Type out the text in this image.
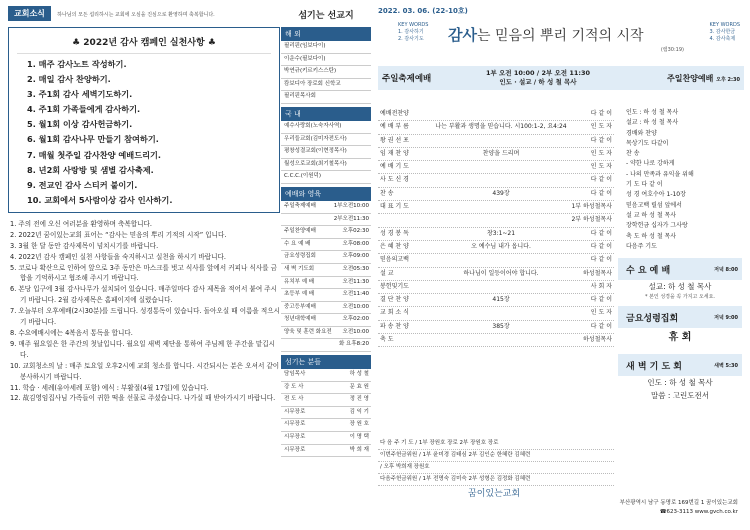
교회소식 하나님의 모든 섭리하시는 교회에 오심을 진심으로 환영하며 축복합니다.
♣ 2022년 감사 캠페인 실천사항 ♣
1. 매주 감사노트 작성하기.
2. 매일 감사 찬양하기.
3. 주1회 감사 세벽기도하기.
4. 주1회 가족들에게 감사하기.
5. 월1회 이상 감사헌금하기.
6. 월1회 감사나무 만들기 참여하기.
7. 매월 첫주일 감사찬양 예배드리기.
8. 년2회 사랑방 및 샘별 감사축제.
9. 전교인 감사 스티커 붙이기.
10. 교회에서 5사람이상 감사 인사하기.
1. 주의 전에 오신 여러분을 환영하며 축복합니다.
2. 2022년 꿈이있는교회 표어는 “감사는 믿음의 뿌리 기적의 시작” 입니다.
3. 3월 한 달 동안 감사제목이 넘치시기를 바랍니다.
4. 2022년 감사 캠페인 실천 사항들을 숙지하시고 실천을 하시기 바랍니다.
5. 코로나 확산으로 인하여 앞으로 3주 동안은 마스크를 벗고 식사를 앞에서 커피나 식사를 금합을 기억하시고 협조해 주시기 바랍니다.
6. 본당 입구에 3월 감사나무가 설치되어 있습니다. 매주일마다 감사 제목을 적어서 붙여 주시기 바랍니다. 2월 감사제목은 홈페이지에 실렸습니다.
7. 오늘부터 오후예배(2시30분)를 드립니다. 성경통독이 있습니다. 돌아오실 때 이름을 적으시기 바랍니다.
8. 수요예배시에는 4복음서 통독을 합니다.
9. 매주 월요일은 한 주간의 첫날입니다. 월요일 새벽 제단을 통하여 주님께 한 주간을 맡깁시다.
10. 교회청소의 날 : 매주 토요일 오후2시에 교회 청소를 합니다. 시간되시는 분은 오셔서 같이 봉사하시기 바랍니다.
11. 학습 · 세례(유아세례 포함) 예식 : 부활절(4월 17일)에 있습니다.
12. 故김영임집사님 가족들이 귀한 떡을 선물로 주셨습니다. 나가실 때 받아가시기 바랍니다.
섬기는 선교지
해 외
필리핀(임보다이)
이운수(필보다이)
박연규(키르키스스탄)
캄보디아 장로회 신학교
필리핀목사회
국 내
예수사랑회(노숙자사역)
우리들교회(김미자전도사)
평창성결교회(이현정목사)
월성으로교회(최기철목사)
C.C.C.(이원덕)
예배와 영육
주일축제예배	1부오전10:00
2부오전11:30
주일찬양예배	오후02:30
수 요 예 배	오후08:00
금요성령집회	오후09:00
새 벽 기도회	오전05:30
유치부 예 배	오전11:30
초등부 예 배	오전11:40
중고등부예배	오전10:00
청년대학예배	오후02:00
양육 및 훈련 화요전 오전10:00
화 요후8:20
섬기는 분들
담임목사	하 성 철
강 도 사	문 효 원
전 도 사	정 진 영
시무장로	김 익 기
시무장로	장 원 호
시무장로	이 명 택
시무장로	박 희 재
2022. 03. 06. (22-10호)
KEY WORDS
1. 감사하기
2. 감사기도	감사는 믿음의 뿌리 기적의 시작
(렘30:19)
KEY WORDS
3. 감사한금
4. 감사축제
주일축제예배
1부 오전 10:00 / 2부 오전 11:30
인도 · 설교 / 하 성 철 목사	주일찬양예배 오후 2:30
예배전찬양	다 같 이
예 배 부 름	나는 부활과 생명을 믿습니다. 시100:1-2, 요4:24	인 도 자
왕 권 선 포	다 같 이
임 재 찬 양	찬양을 드리며	인 도 자
예 배 기 도	인 도 자
사 도 신 경	다 같 이
찬 송	439장	다 같 이
대 표 기 도	1부 하성철목사
2부 하성철목사
성 경 봉 독	창3:1~21	다 같 이
은 혜 찬 양	오 예수님 내가 옵니다.	다 같 이
믿음의고백	다 같 이
설 교	하나님이 일등이어야 합니다.	하성철목사
봉헌및기도	사 회 자
결 단 찬 양	415장	다 같 이
교 회 소 식	인 도 자
파 송 찬 양	385장	다 같 이
축 도	하성철목사
인도 : 하 성 철 목사
설교 : 하 성 철 목사
경배와 찬양
목상기도 다같이
찬 송
- 약한 나로 강하게
- 나의 만족과 유익을 위해
기 도 다 같 이
성 경 여호수아 1-10장
믿음고백 릴섬 앞에서
설 교 하 성 철 목사
장학헌금 십자가 그사랑
축 도 하 성 철 목사
다음주 기도
수 요 예 배	저녁 8:00
설교: 하 성 철 목사
* 본인 성경을 꼭 가지고 오세요.
금요성령집회	저녁 9:00
휴 회
새 벽 기 도 회	새벽 5:30
인도 : 하 성 철 목사
말씀 : 고린도전서
다 음 주 기 도 / 1부 장원호 장로 2부 장원호 장로
이번주헌금위원 / 1부 윤미경 김태심 2부 김인순 한혜란 김혜련
/ 오후 박희재 장원호
다음주헌금위원 / 1부 전명숙 김미숙 2부 성형은 김정화 김혜련
꿈이있는교회
부산광역시 남구 동명로 169번길 1 꿈이있는교회
☎623-3113 www.gvch.co.kr
